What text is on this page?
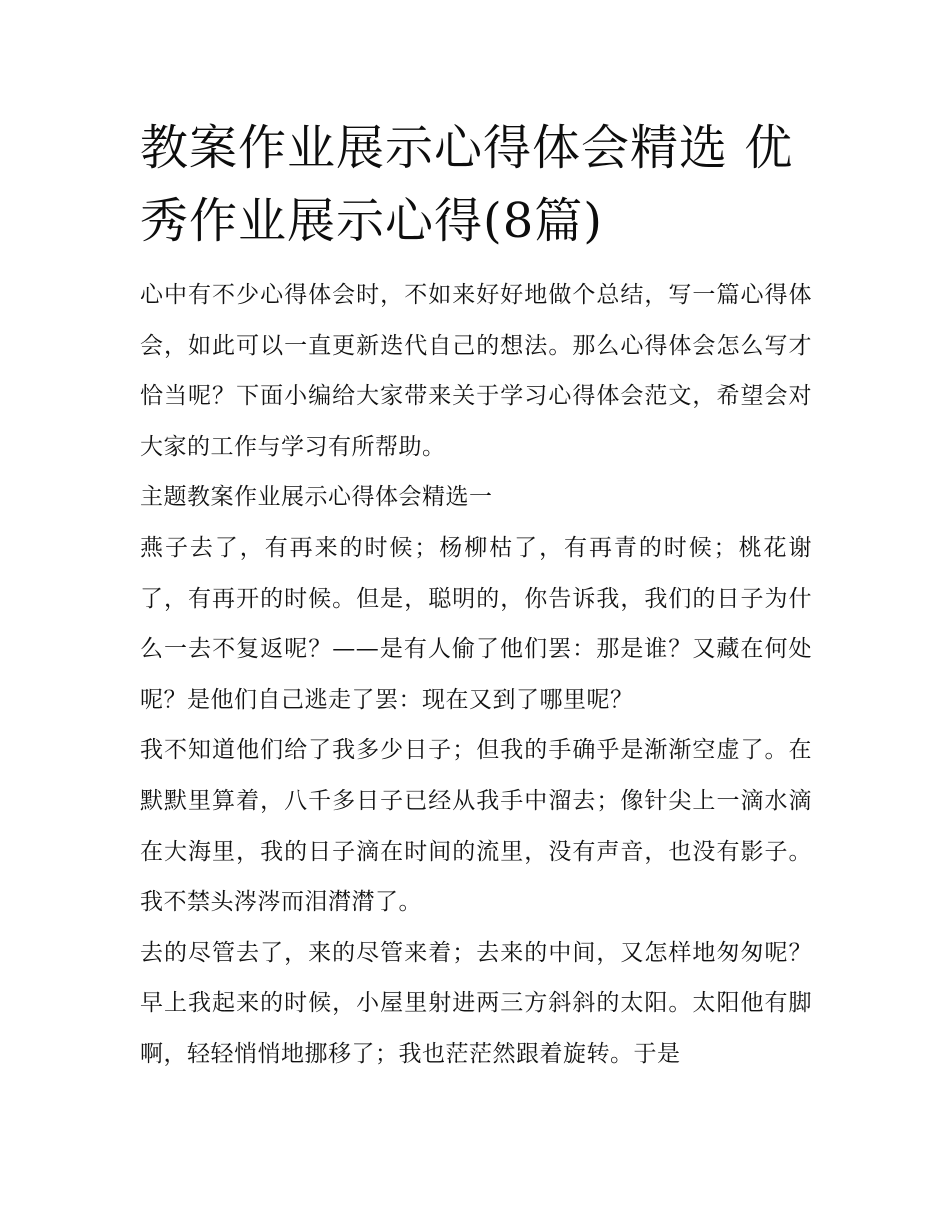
教案作业展示心得体会精选 优秀作业展示心得(8篇)

心中有不少心得体会时，不如来好好地做个总结，写一篇心得体会，如此可以一直更新迭代自己的想法。那么心得体会怎么写才恰当呢？下面小编给大家带来关于学习心得体会范文，希望会对大家的工作与学习有所帮助。

主题教案作业展示心得体会精选一

燕子去了，有再来的时候；杨柳枯了，有再青的时候；桃花谢了，有再开的时候。但是，聪明的，你告诉我，我们的日子为什么一去不复返呢？——是有人偷了他们罢：那是谁？又藏在何处呢？是他们自己逃走了罢：现在又到了哪里呢？

我不知道他们给了我多少日子；但我的手确乎是渐渐空虚了。在默默里算着，八千多日子已经从我手中溜去；像针尖上一滴水滴在大海里，我的日子滴在时间的流里，没有声音，也没有影子。我不禁头涔涔而泪潸潸了。

去的尽管去了，来的尽管来着；去来的中间，又怎样地匆匆呢？早上我起来的时候，小屋里射进两三方斜斜的太阳。太阳他有脚啊，轻轻悄悄地挪移了；我也茫茫然跟着旋转。于是
